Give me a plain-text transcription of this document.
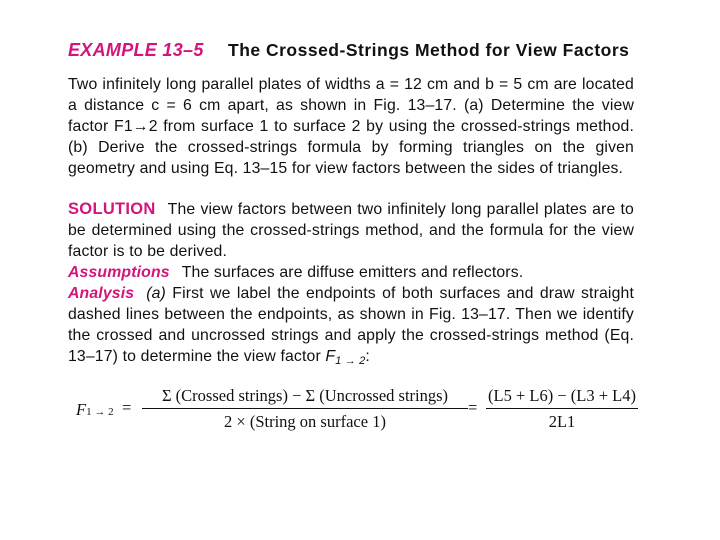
EXAMPLE 13–5 The Crossed-Strings Method for View Factors

Two infinitely long parallel plates of widths a = 12 cm and b = 5 cm are located a distance c = 6 cm apart, as shown in Fig. 13–17. (a) Determine the view factor F1→2 from surface 1 to surface 2 by using the crossed-strings method. (b) Derive the crossed-strings formula by forming triangles on the given geometry and using Eq. 13–15 for view factors between the sides of triangles.

SOLUTION The view factors between two infinitely long parallel plates are to be determined using the crossed-strings method, and the formula for the view factor is to be derived.

Assumptions The surfaces are diffuse emitters and reflectors.

Analysis (a) First we label the endpoints of both surfaces and draw straight dashed lines between the endpoints, as shown in Fig. 13–17. Then we identify the crossed and uncrossed strings and apply the crossed-strings method (Eq. 13–17) to determine the view factor $F_{1 \to 2}$:

F1 → 2 =
Σ (Crossed strings) − Σ (Uncrossed strings)
2 × (String on surface 1)
= $\frac{(L5 + L6) - (L3 + L4)}{2L1}$
